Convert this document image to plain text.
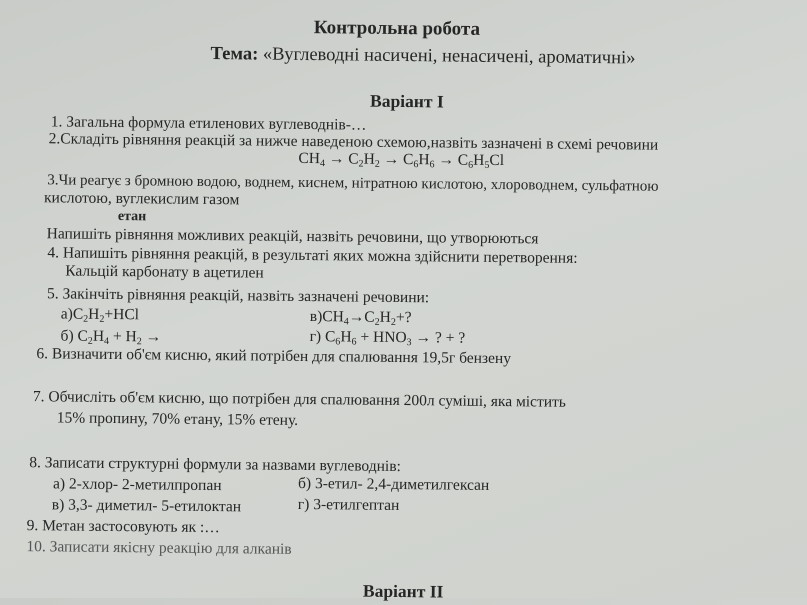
Контрольна робота
Тема: «Вуглеводні насичені, ненасичені, ароматичні»
Варіант I
1. Загальна формула етиленових вуглеводнів-…
2.Складіть рівняння реакцій за нижче наведеною схемою,назвіть зазначені в схемі речовини
$CH_4 \to C_2H_2 \to C_6H_6 \to C_6H_5Cl$
3.Чи реагує з бромною водою, воднем, киснем, нітратною кислотою, хлороводнем, сульфатною
кислотою, вуглекислим газом
етан
Напишіть рівняння можливих реакцій, назвіть речовини, що утворюються
4. Напишіть рівняння реакцій, в результаті яких можна здійснити перетворення:
Кальцій карбонату в ацетилен
5. Закінчіть рівняння реакцій, назвіть зазначені речовини:
$а)C_2H_2+HCl$	$в)CH_4\to C_2H_2+$?
б) $C_2H_4 + H_2$ →	г) $C_6H_6 + HNO_3$ → ? + ?
6. Визначити об'єм кисню, який потрібен для спалювання 19,5г бензену
7. Обчисліть об'єм кисню, що потрібен для спалювання 200л суміші, яка містить
15% пропину, 70% етану, 15% етену.
8. Записати структурні формули за назвами вуглеводнів:
а) 2-хлор- 2-метилпропан	б) 3-етил- 2,4-диметилгексан
в) 3,3- диметил- 5-етилоктан	г) 3-етилгептан
9. Метан застосовують як :…
10. Записати якісну реакцію для алканів
Варіант II
